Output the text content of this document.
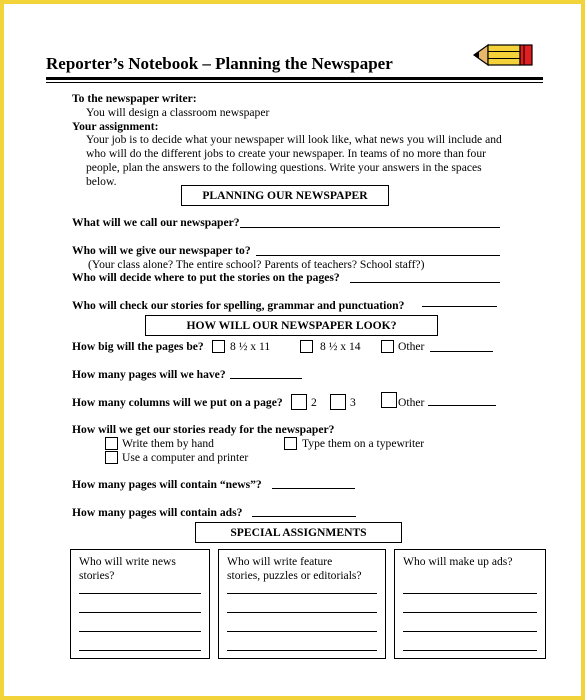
Reporter’s Notebook – Planning the Newspaper
To the newspaper writer:
You will design a classroom newspaper
Your assignment:
Your job is to decide what your newspaper will look like, what news you will include and
who will do the different jobs to create your newspaper. In teams of no more than four
people, plan the answers to the following questions. Write your answers in the spaces
below.
PLANNING OUR NEWSPAPER
What will we call our newspaper?
Who will we give our newspaper to?
(Your class alone? The entire school? Parents of teachers? School staff?)
Who will decide where to put the stories on the pages?
Who will check our stories for spelling, grammar and punctuation?
HOW WILL OUR NEWSPAPER LOOK?
How big will the pages be? 8 ½ x 11	8 ½ x 14	Other
How many pages will we have?
How many columns will we put on a page? 2	3	Other
How will we get our stories ready for the newspaper?
Write them by hand	Type them on a typewriter
Use a computer and printer
How many pages will contain “news”?
How many pages will contain ads?
SPECIAL ASSIGNMENTS
Who will write news
stories?
Who will write feature
stories, puzzles or editorials?
Who will make up ads?
